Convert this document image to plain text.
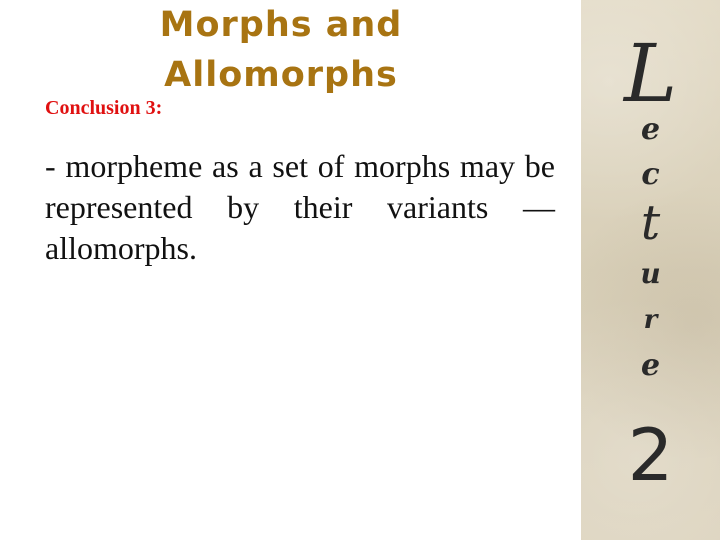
Morphs and Allomorphs
Conclusion 3:
- morpheme as a set of morphs may be represented by their variants — allomorphs.
L
e
c
t
u
r
e
2
